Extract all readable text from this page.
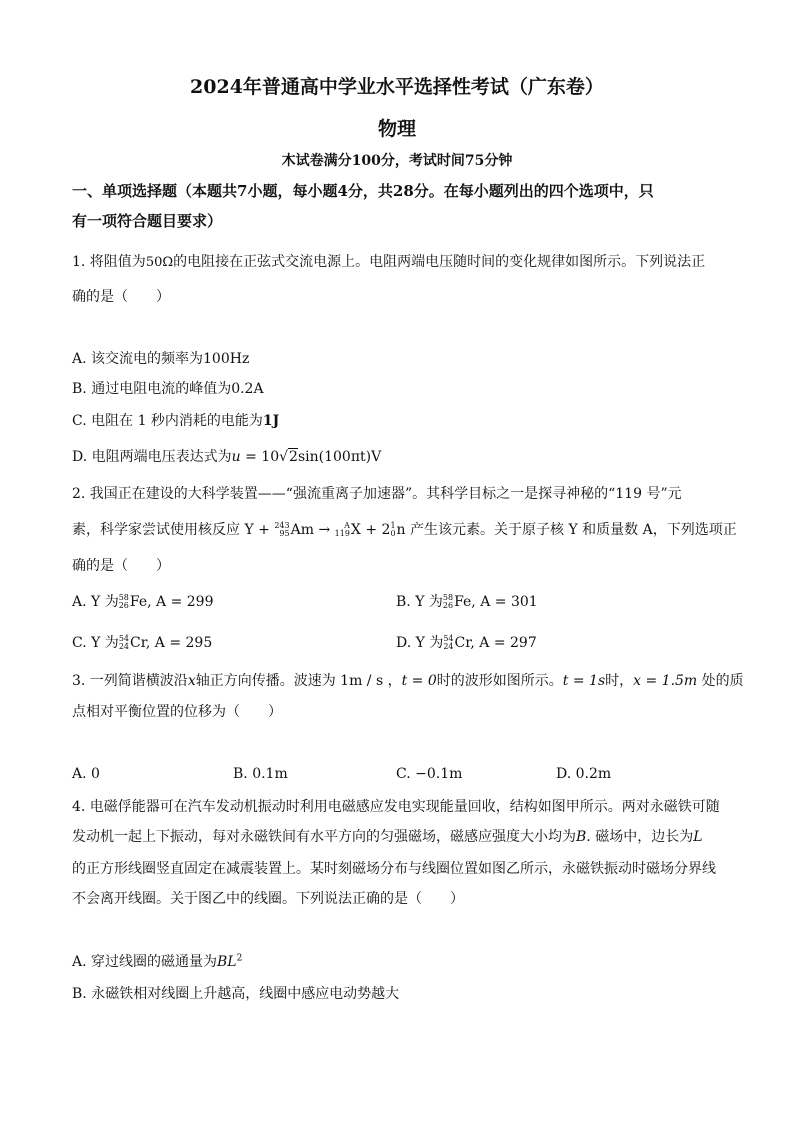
2024年普通高中学业水平选择性考试（广东卷）
物理
木试卷满分100分，考试时间75分钟
一、单项选择题（本题共7小题，每小题4分，共28分。在每小题列出的四个选项中，只
有一项符合题目要求）
1. 将阻值为50Ω的电阻接在正弦式交流电源上。电阻两端电压随时间的变化规律如图所示。下列说法正
确的是（　　）
A. 该交流电的频率为100Hz
B. 通过电阻电流的峰值为0.2A
C. 电阻在 1 秒内消耗的电能为1J
D. 电阻两端电压表达式为u = 10√2sin(100πt)V
2. 我国正在建设的大科学装置——“强流重离子加速器”。其科学目标之一是探寻神秘的“119 号”元
素，科学家尝试使用核反应 Y + 243
95 Am →	A
119 X + 2 1
0 n 产生该元素。关于原子核 Y 和质量数 A，下列选项正
确的是（　　）
A. Y 为 58
26 Fe, A = 299	B. Y 为 58
26 Fe, A = 301
C. Y 为 54
24 Cr, A = 295	D. Y 为 54
24 Cr, A = 297
3. 一列简谐横波沿x轴正方向传播。波速为 1m / s ，t = 0时的波形如图所示。t = 1s时，x = 1.5m 处的质
点相对平衡位置的位移为（　　）
A. 0	B. 0.1m	C. −0.1m	D. 0.2m
4. 电磁俘能器可在汽车发动机振动时利用电磁感应发电实现能量回收，结构如图甲所示。两对永磁铁可随
发动机一起上下振动，每对永磁铁间有水平方向的匀强磁场，磁感应强度大小均为B. 磁场中，边长为L
的正方形线圈竖直固定在减震装置上。某时刻磁场分布与线圈位置如图乙所示，永磁铁振动时磁场分界线
不会离开线圈。关于图乙中的线圈。下列说法正确的是（　　）
A. 穿过线圈的磁通量为$BL^2$
B. 永磁铁相对线圈上升越高，线圈中感应电动势越大
